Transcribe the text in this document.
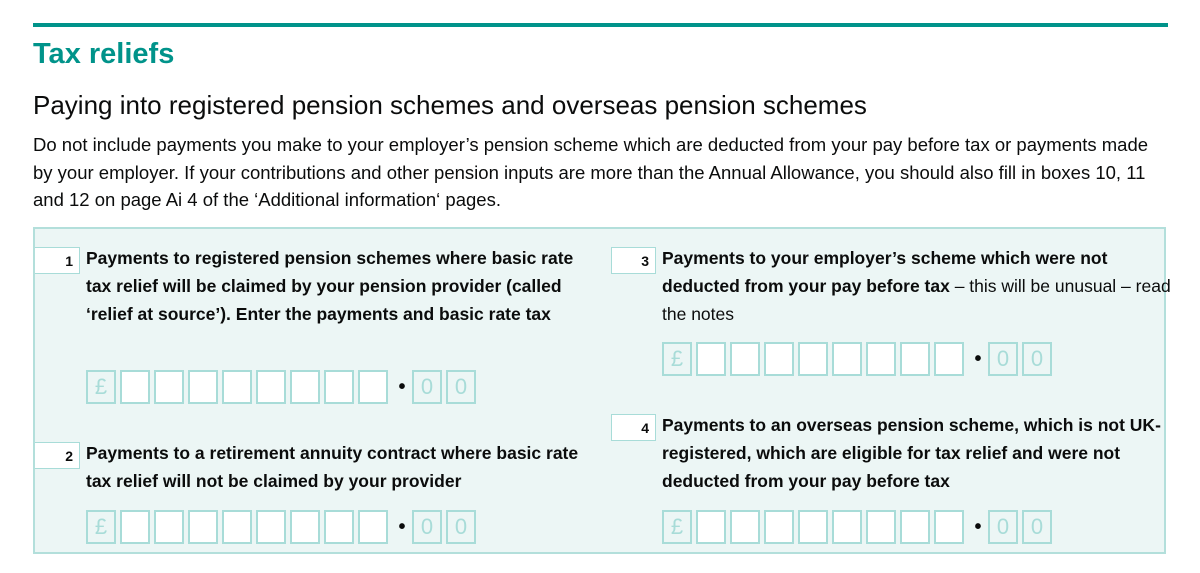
Tax reliefs
Paying into registered pension schemes and overseas pension schemes

Do not include payments you make to your employer’s pension scheme which are deducted from your pay before tax or payments made by your employer. If your contributions and other pension inputs are more than the Annual Allowance, you should also fill in boxes 10, 11 and 12 on page Ai 4 of the ‘Additional information‘ pages.

1 Payments to registered pension schemes where basic rate tax relief will be claimed by your pension provider (called ‘relief at source’). Enter the payments and basic rate tax
£	• 0 0
2 Payments to a retirement annuity contract where basic rate tax relief will not be claimed by your provider
£	• 0 0
3 Payments to your employer’s scheme which were not deducted from your pay before tax – this will be unusual – read the notes
£	• 0 0
4 Payments to an overseas pension scheme, which is not UK-registered, which are eligible for tax relief and were not deducted from your pay before tax
£	• 0 0
